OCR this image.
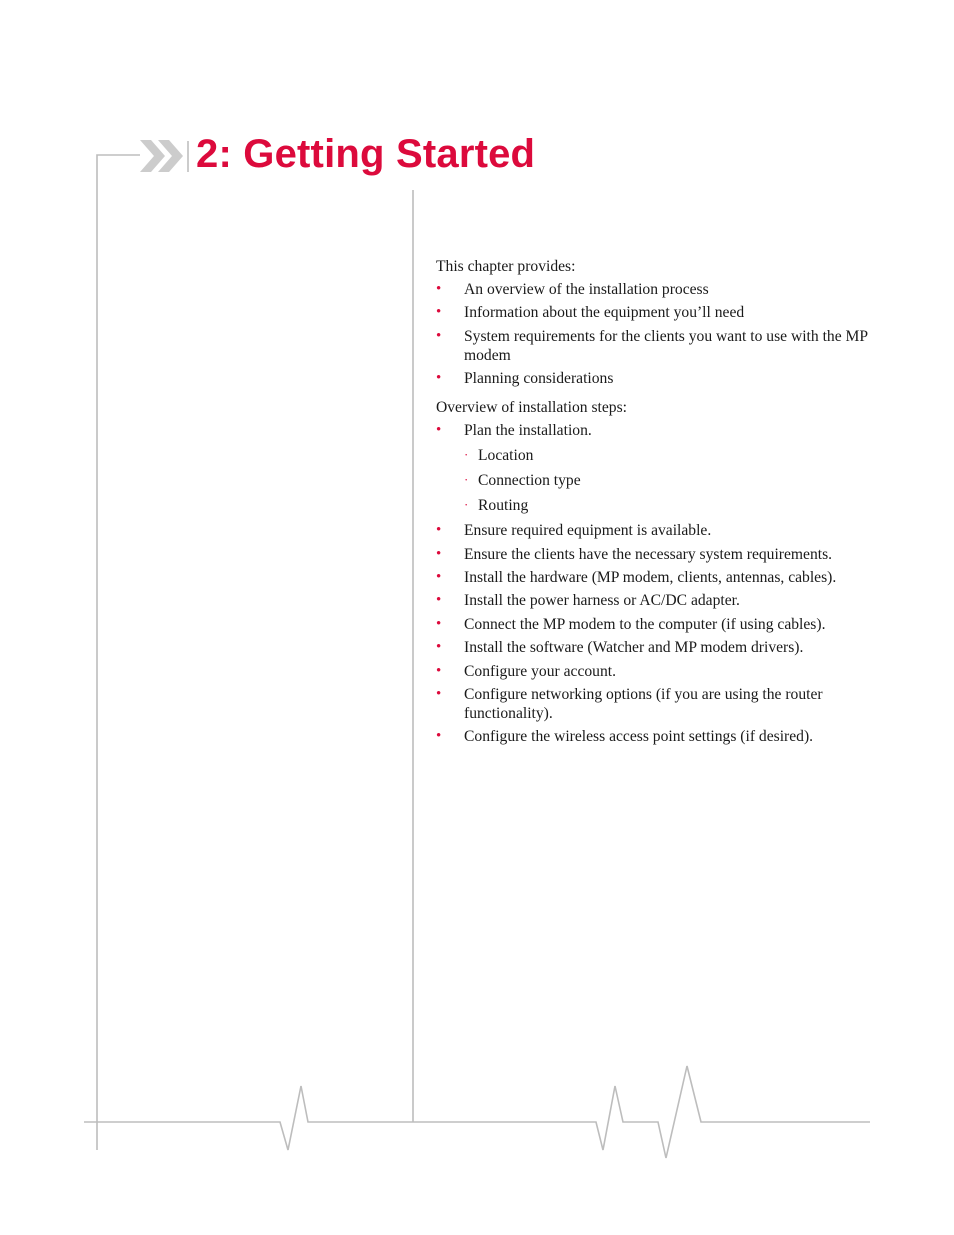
2: Getting Started

This chapter provides:

• An overview of the installation process
• Information about the equipment you’ll need
• System requirements for the clients you want to use with the MP modem
• Planning considerations

Overview of installation steps:

• Plan the installation.
· Location
· Connection type
· Routing
• Ensure required equipment is available.
• Ensure the clients have the necessary system requirements.
• Install the hardware (MP modem, clients, antennas, cables).
• Install the power harness or AC/DC adapter.
• Connect the MP modem to the computer (if using cables).
• Install the software (Watcher and MP modem drivers).
• Configure your account.
• Configure networking options (if you are using the router functionality).
• Configure the wireless access point settings (if desired).
